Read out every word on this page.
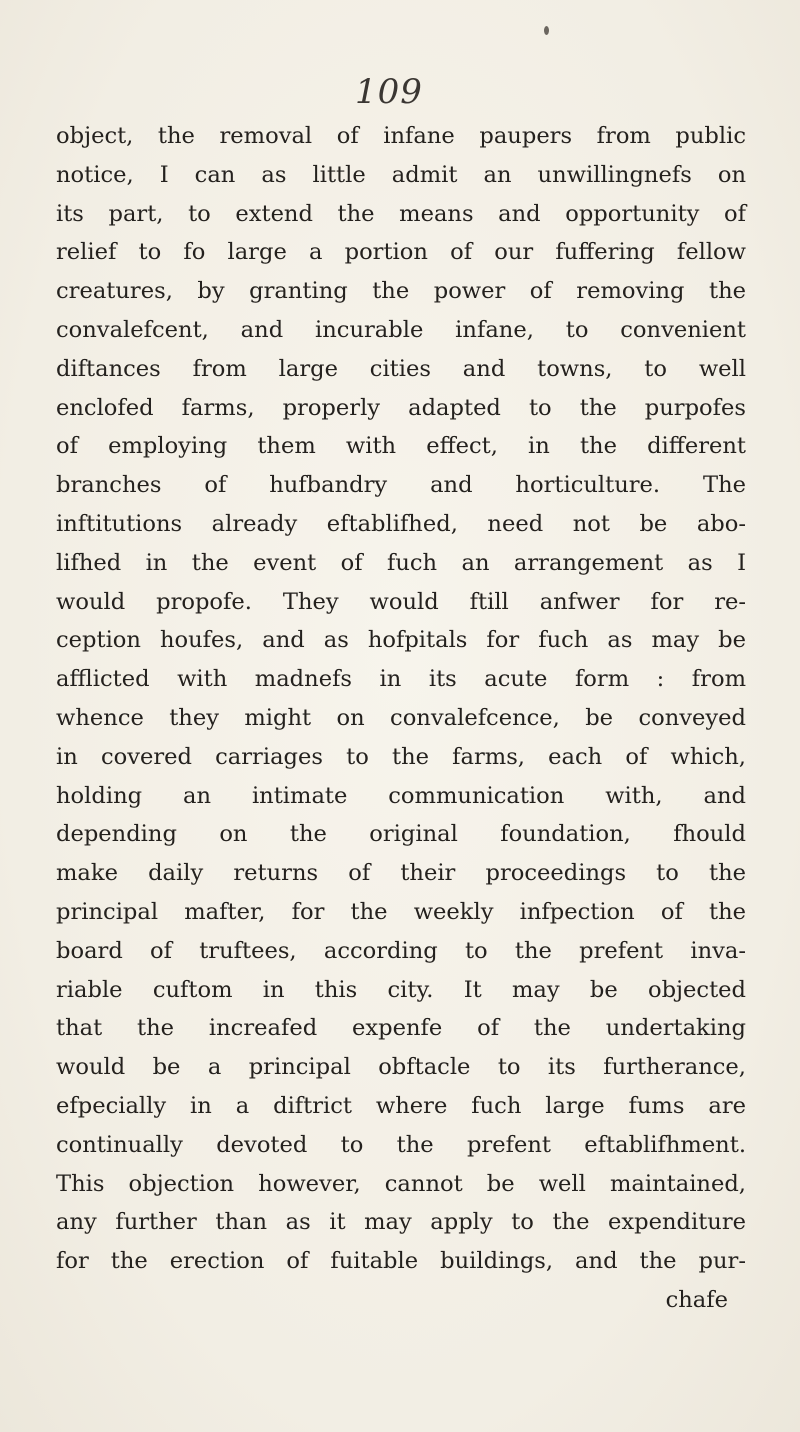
109
object, the removal of infane paupers from public
notice, I can as little admit an unwillingnefs on
its part, to extend the means and opportunity of
relief to fo large a portion of our fuffering fellow
creatures, by granting the power of removing the
convalefcent, and incurable infane, to convenient
diftances from large cities and towns, to well
enclofed farms, properly adapted to the purpofes
of employing them with effect, in the different
branches of hufbandry and horticulture. The
inftitutions already eftablifhed, need not be abo-
lifhed in the event of fuch an arrangement as I
would propofe. They would ftill anfwer for re-
ception houfes, and as hofpitals for fuch as may be
afflicted with madnefs in its acute form : from
whence they might on convalefcence, be conveyed
in covered carriages to the farms, each of which,
holding an intimate communication with, and
depending on the original foundation, fhould
make daily returns of their proceedings to the
principal mafter, for the weekly infpection of the
board of truftees, according to the prefent inva-
riable cuftom in this city. It may be objected
that the increafed expenfe of the undertaking
would be a principal obftacle to its furtherance,
efpecially in a diftrict where fuch large fums are
continually devoted to the prefent eftablifhment.
This objection however, cannot be well maintained,
any further than as it may apply to the expenditure
for the erection of fuitable buildings, and the pur-
chafe
